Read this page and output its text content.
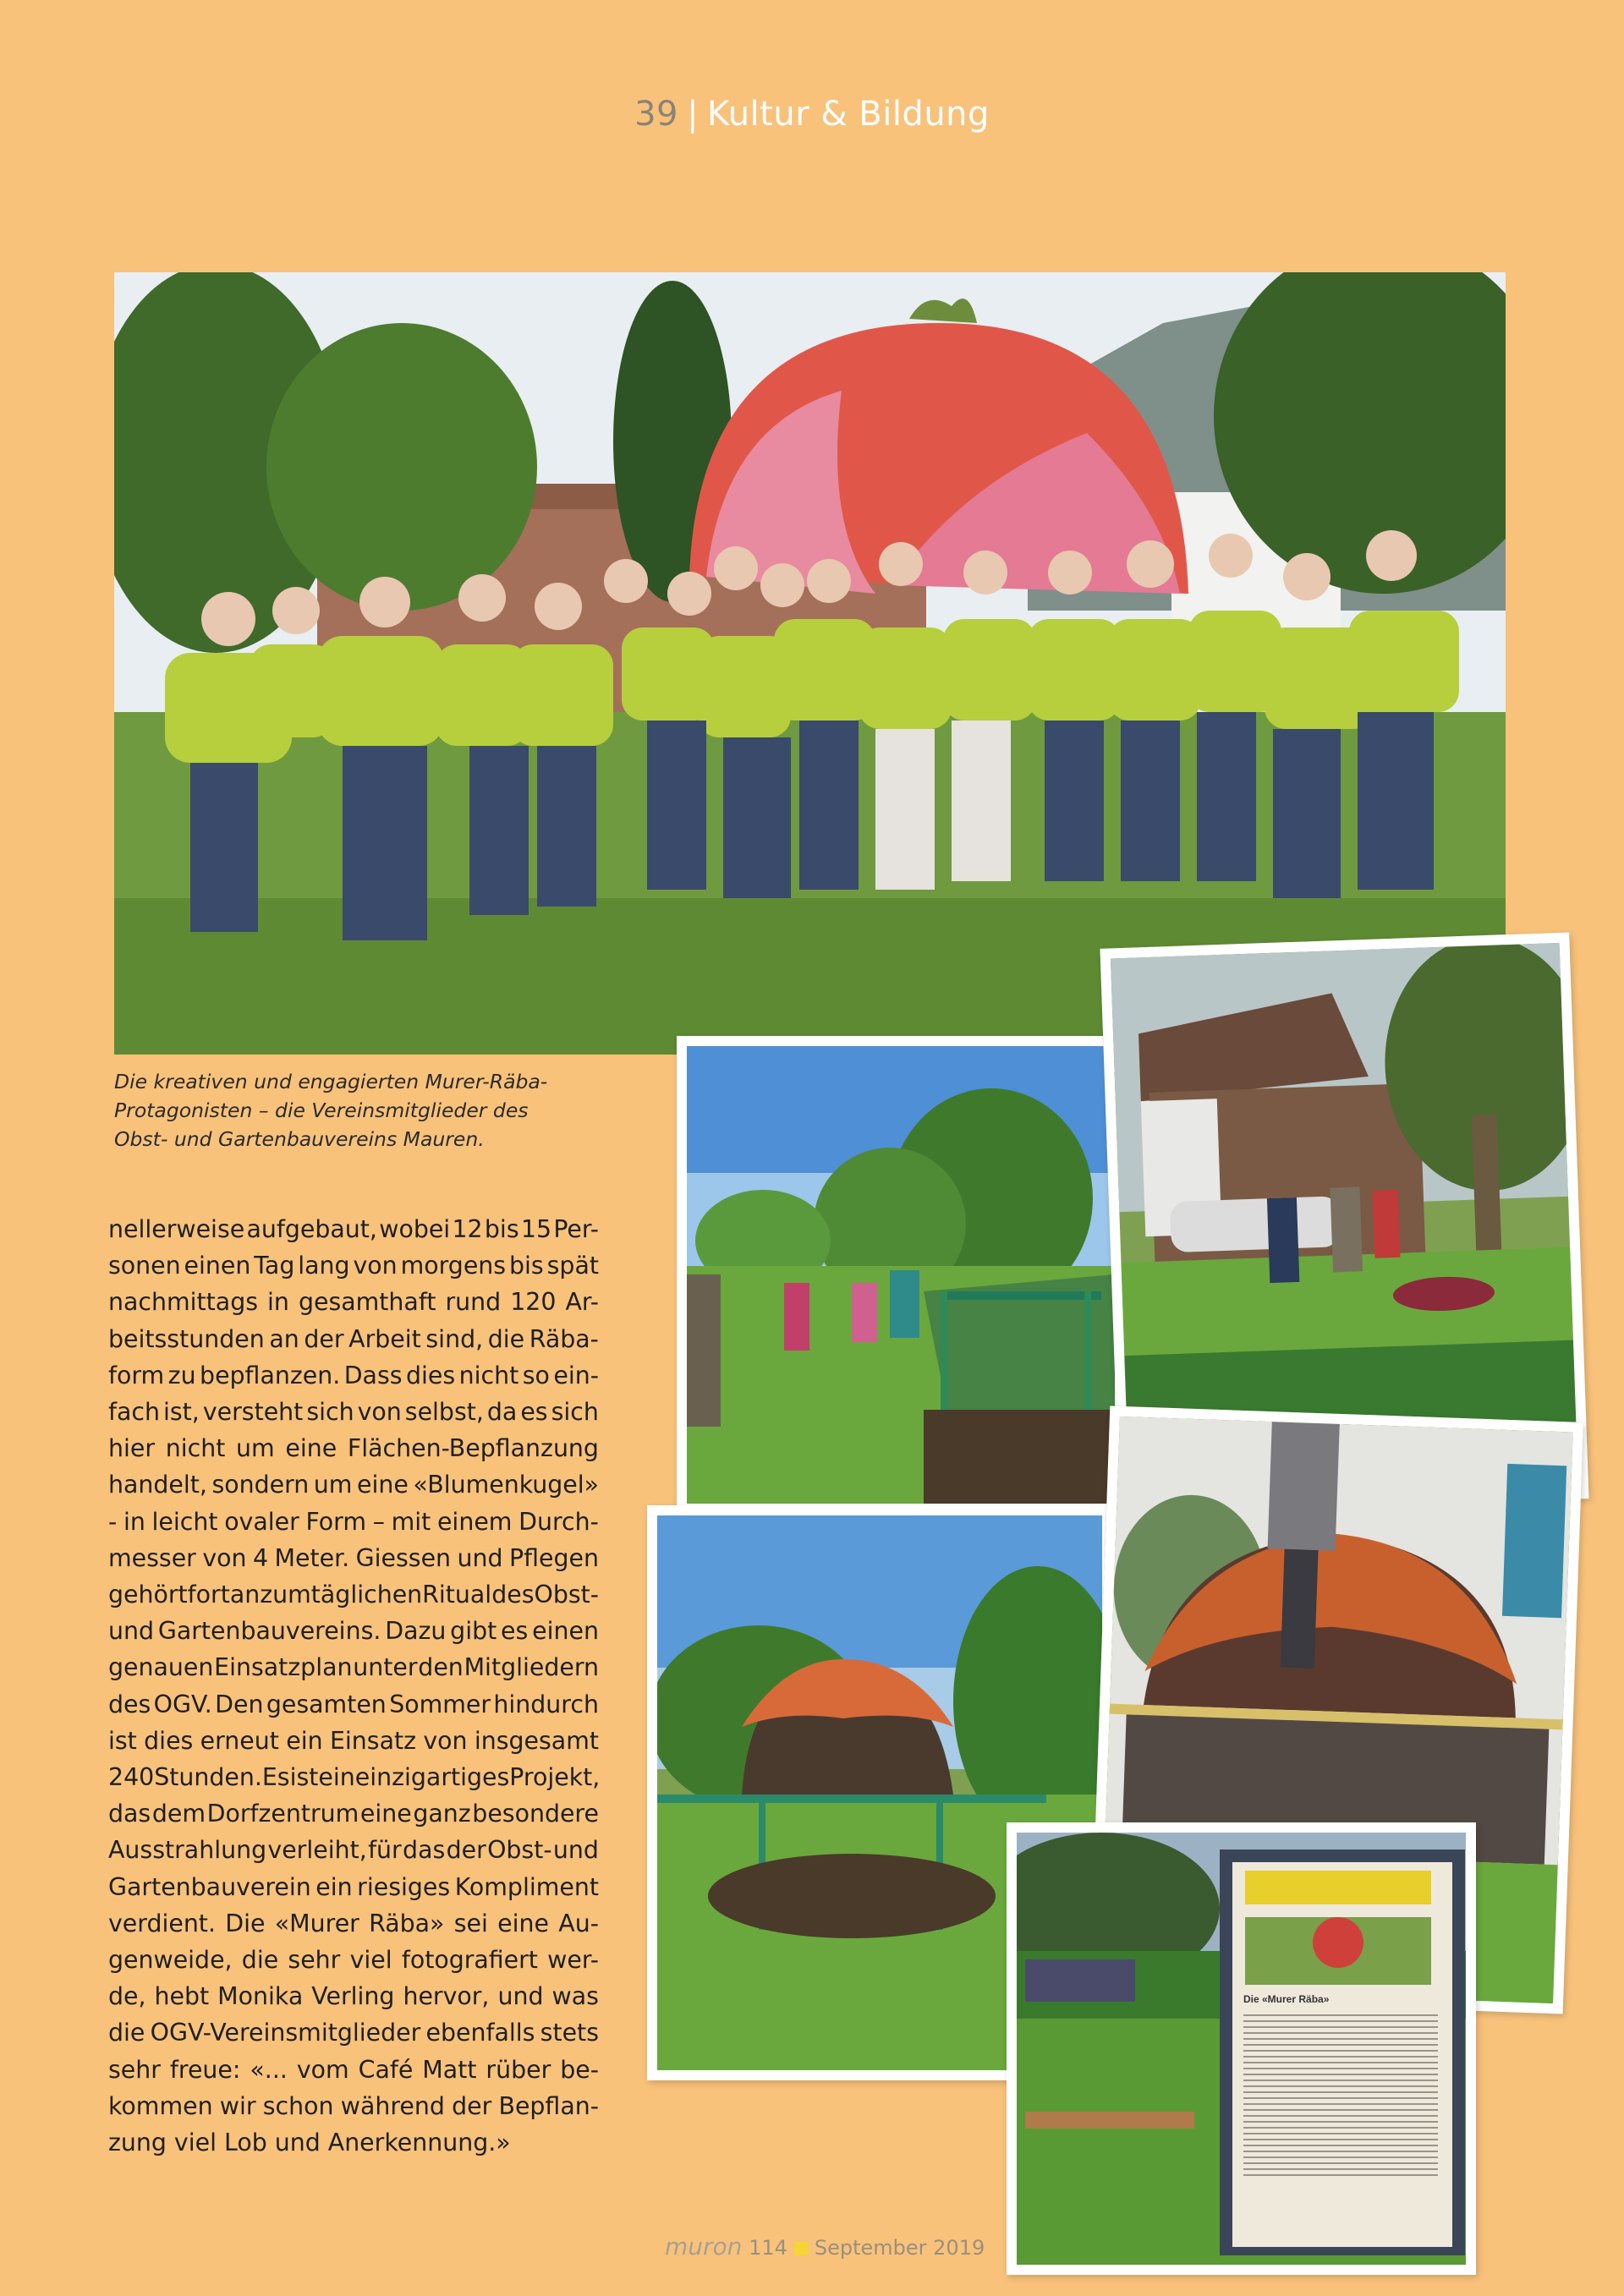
39 | Kultur & Bildung
Die kreativen und engagierten Murer-Räba-
Protagonisten – die Vereinsmitglieder des
Obst- und Gartenbauvereins Mauren.
nellerweise aufgebaut, wobei 12 bis 15 Per-
sonen einen Tag lang von morgens bis spät
nachmittags in gesamthaft rund 120 Ar-
beitsstunden an der Arbeit sind, die Räba-
form zu bepflanzen. Dass dies nicht so ein-
fach ist, versteht sich von selbst, da es sich
hier nicht um eine Flächen-Bepflanzung
handelt, sondern um eine «Blumenkugel»
- in leicht ovaler Form – mit einem Durch-
messer von 4 Meter. Giessen und Pflegen
gehört fortan zum täglichen Ritual des Obst-
und Gartenbauvereins. Dazu gibt es einen
genauen Einsatzplan unter den Mitgliedern
des OGV. Den gesamten Sommer hindurch
ist dies erneut ein Einsatz von insgesamt
240 Stunden. Es ist ein einzigartiges Projekt,
das dem Dorfzentrum eine ganz besondere
Ausstrahlung verleiht, für das der Obst- und
Gartenbauverein ein riesiges Kompliment
verdient. Die «Murer Räba» sei eine Au-
genweide, die sehr viel fotografiert wer-
de, hebt Monika Verling hervor, und was
die OGV-Vereinsmitglieder ebenfalls stets
sehr freue: «... vom Café Matt rüber be-
kommen wir schon während der Bepflan-
zung viel Lob und Anerkennung.»
Die «Murer Räba»
muron 114 September 2019
